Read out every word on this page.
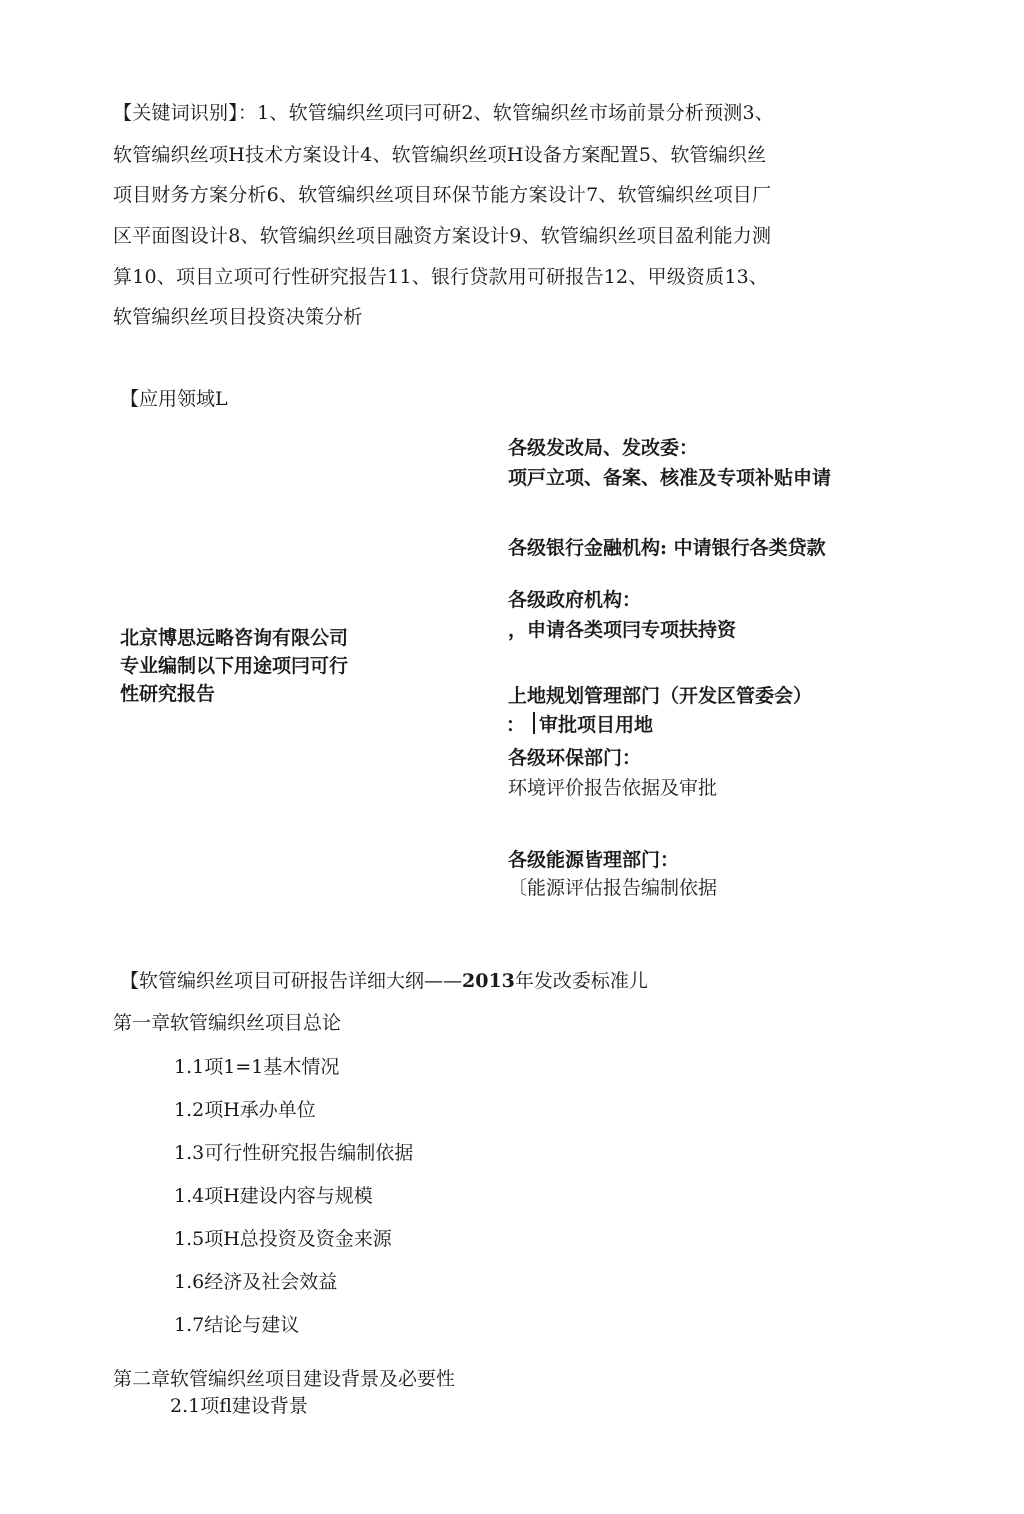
【关键词识别】：1、软管编织丝项冃可研2、软管编织丝市场前景分析预测3、
软管编织丝项H技术方案设计4、软管编织丝项H设备方案配置5、软管编织丝
项目财务方案分析6、软管编织丝项目环保节能方案设计7、软管编织丝项目厂
区平面图设计8、软管编织丝项目融资方案设计9、软管编织丝项目盈利能力测
算10、项目立项可行性研究报告11、银行贷款用可研报告12、甲级资质13、
软管编织丝项目投资决策分析
【应用领域L
北京博思远略咨询有限公司
专业编制以下用途项冃可行
性研究报告
各级发改局、发改委：
项戸立项、备案、核准及专项补贴申请
各级银行金融机构: 中请银行各类贷款
各级政府机构：
，申请各类项冃专项扶持资
上地规划管理部门（开发区管委会）
： 审批项目用地
各级环保部门：
环境评价报告依据及审批
各级能源皆理部门：
〔能源评估报告编制依据
【软管编织丝项目可研报告详细大纲——2013年发改委标准儿
第一章软管编织丝项目总论
1.1项1=1基木情况
1.2项H承办单位
1.3可行性研究报告编制依据
1.4项H建设内容与规模
1.5项H总投资及资金来源
1.6经济及社会效益
1.7结论与建议
第二章软管编织丝项目建设背景及必要性
2.1项fl建设背景
